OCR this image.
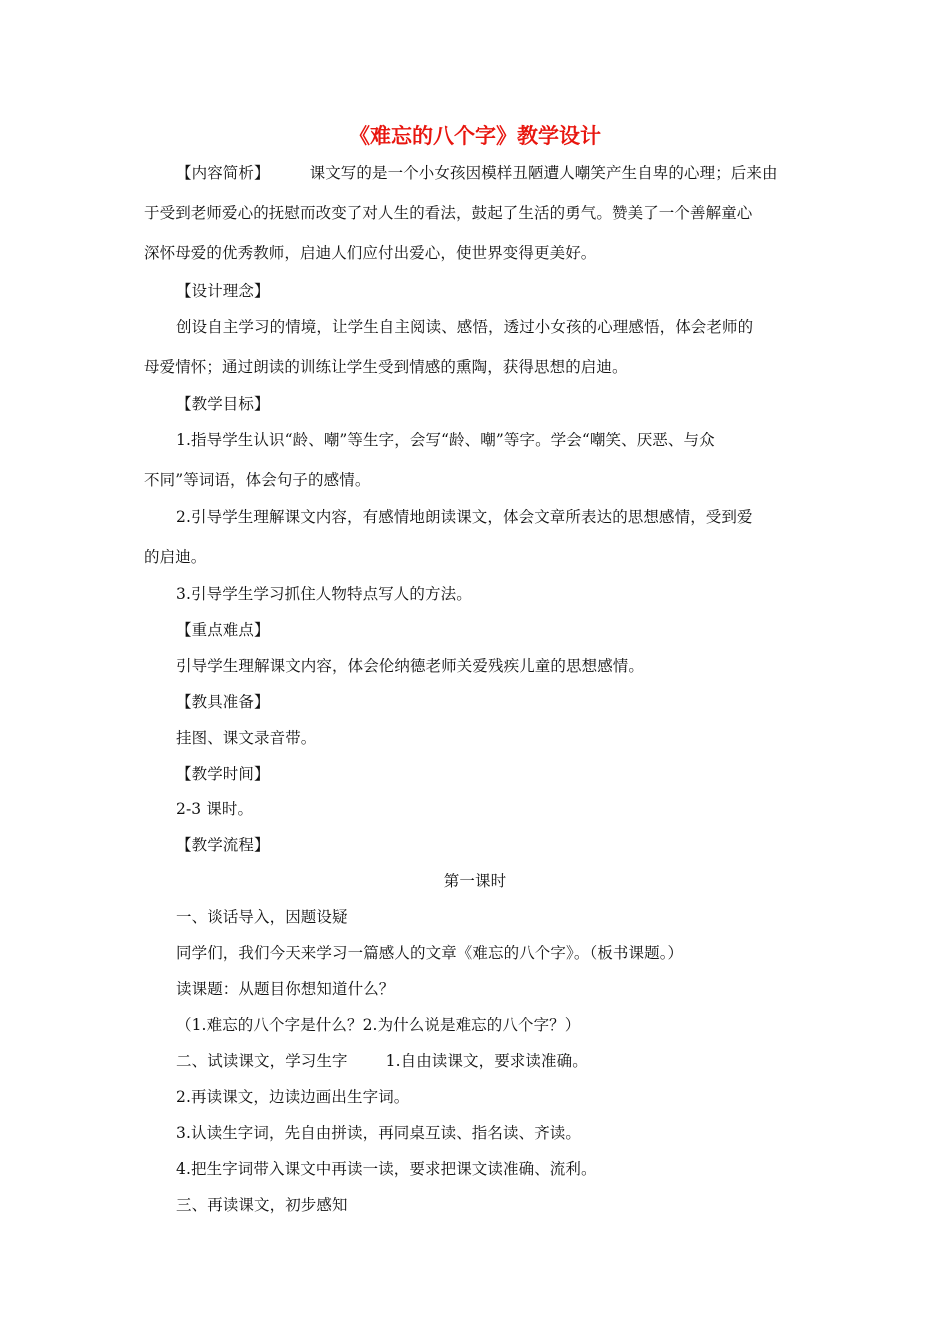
《难忘的八个字》教学设计
【内容简析】	课文写的是一个小女孩因模样丑陋遭人嘲笑产生自卑的心理；后来由
于受到老师爱心的抚慰而改变了对人生的看法，鼓起了生活的勇气。赞美了一个善解童心
深怀母爱的优秀教师，启迪人们应付出爱心，使世界变得更美好。
【设计理念】
创设自主学习的情境，让学生自主阅读、感悟，透过小女孩的心理感悟，体会老师的
母爱情怀；通过朗读的训练让学生受到情感的熏陶，获得思想的启迪。
【教学目标】
1.指导学生认识“龄、嘲”等生字，会写“龄、嘲”等字。学会“嘲笑、厌恶、与众
不同”等词语，体会句子的感情。
2.引导学生理解课文内容，有感情地朗读课文，体会文章所表达的思想感情，受到爱
的启迪。
3.引导学生学习抓住人物特点写人的方法。
【重点难点】
引导学生理解课文内容，体会伦纳德老师关爱残疾儿童的思想感情。
【教具准备】
挂图、课文录音带。
【教学时间】
2-3 课时。
【教学流程】
第一课时
一、谈话导入，因题设疑
同学们，我们今天来学习一篇感人的文章《难忘的八个字》。（板书课题。）
读课题：从题目你想知道什么？
（1.难忘的八个字是什么？2.为什么说是难忘的八个字？）
二、试读课文，学习生字 1.自由读课文，要求读准确。
2.再读课文，边读边画出生字词。
3.认读生字词，先自由拼读，再同桌互读、指名读、齐读。
4.把生字词带入课文中再读一读，要求把课文读准确、流利。
三、再读课文，初步感知
